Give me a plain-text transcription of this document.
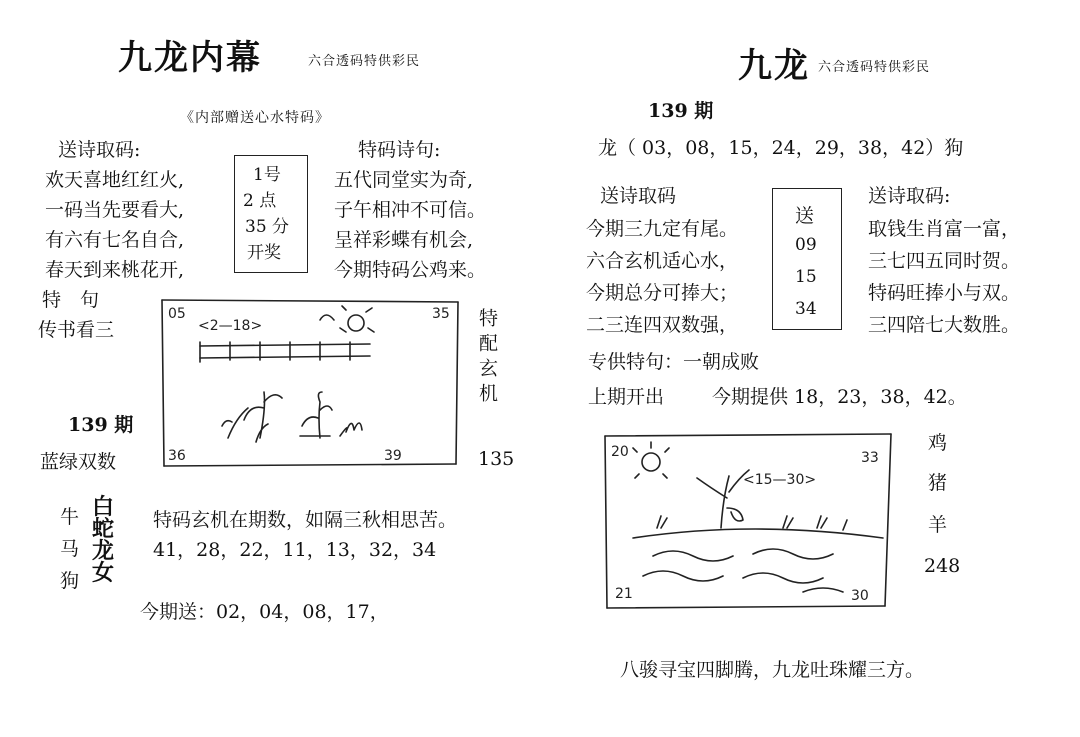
九龙内幕	六合透码特供彩民
《内部赠送心水特码》
送诗取码:
欢天喜地红红火,
一码当先要看大,
有六有七名自合,
春天到来桃花开,
1号
2 点
35 分
开奖
特码诗句:
五代同堂实为奇,
子午相冲不可信。
呈祥彩蝶有机会,
今期特码公鸡来。
特　句
传书看三
139 期
蓝绿双数
05	35
36	39
<2—18>	特配玄机
135
牛
马
狗
白
蛇
龙
女
特码玄机在期数，如隔三秋相思苦。
41，28，22，11，13，32，34
今期送：02，04，08，17，
九龙 六合透码特供彩民
139 期
龙（ 03，08，15，24，29，38，42）狗
送诗取码
今期三九定有尾。
六合玄机适心水，
今期总分可捧大；
二三连四双数强，
送
09
15
34
送诗取码:
取钱生肖富一富，
三七四五同时贺。
特码旺捧小与双。
三四陪七大数胜。
专供特句：一朝成败
上期开出	今期提供 18，23，38，42。
20	33
21	30
<15—30>
鸡
猪
羊
248
八骏寻宝四脚腾，九龙吐珠耀三方。
